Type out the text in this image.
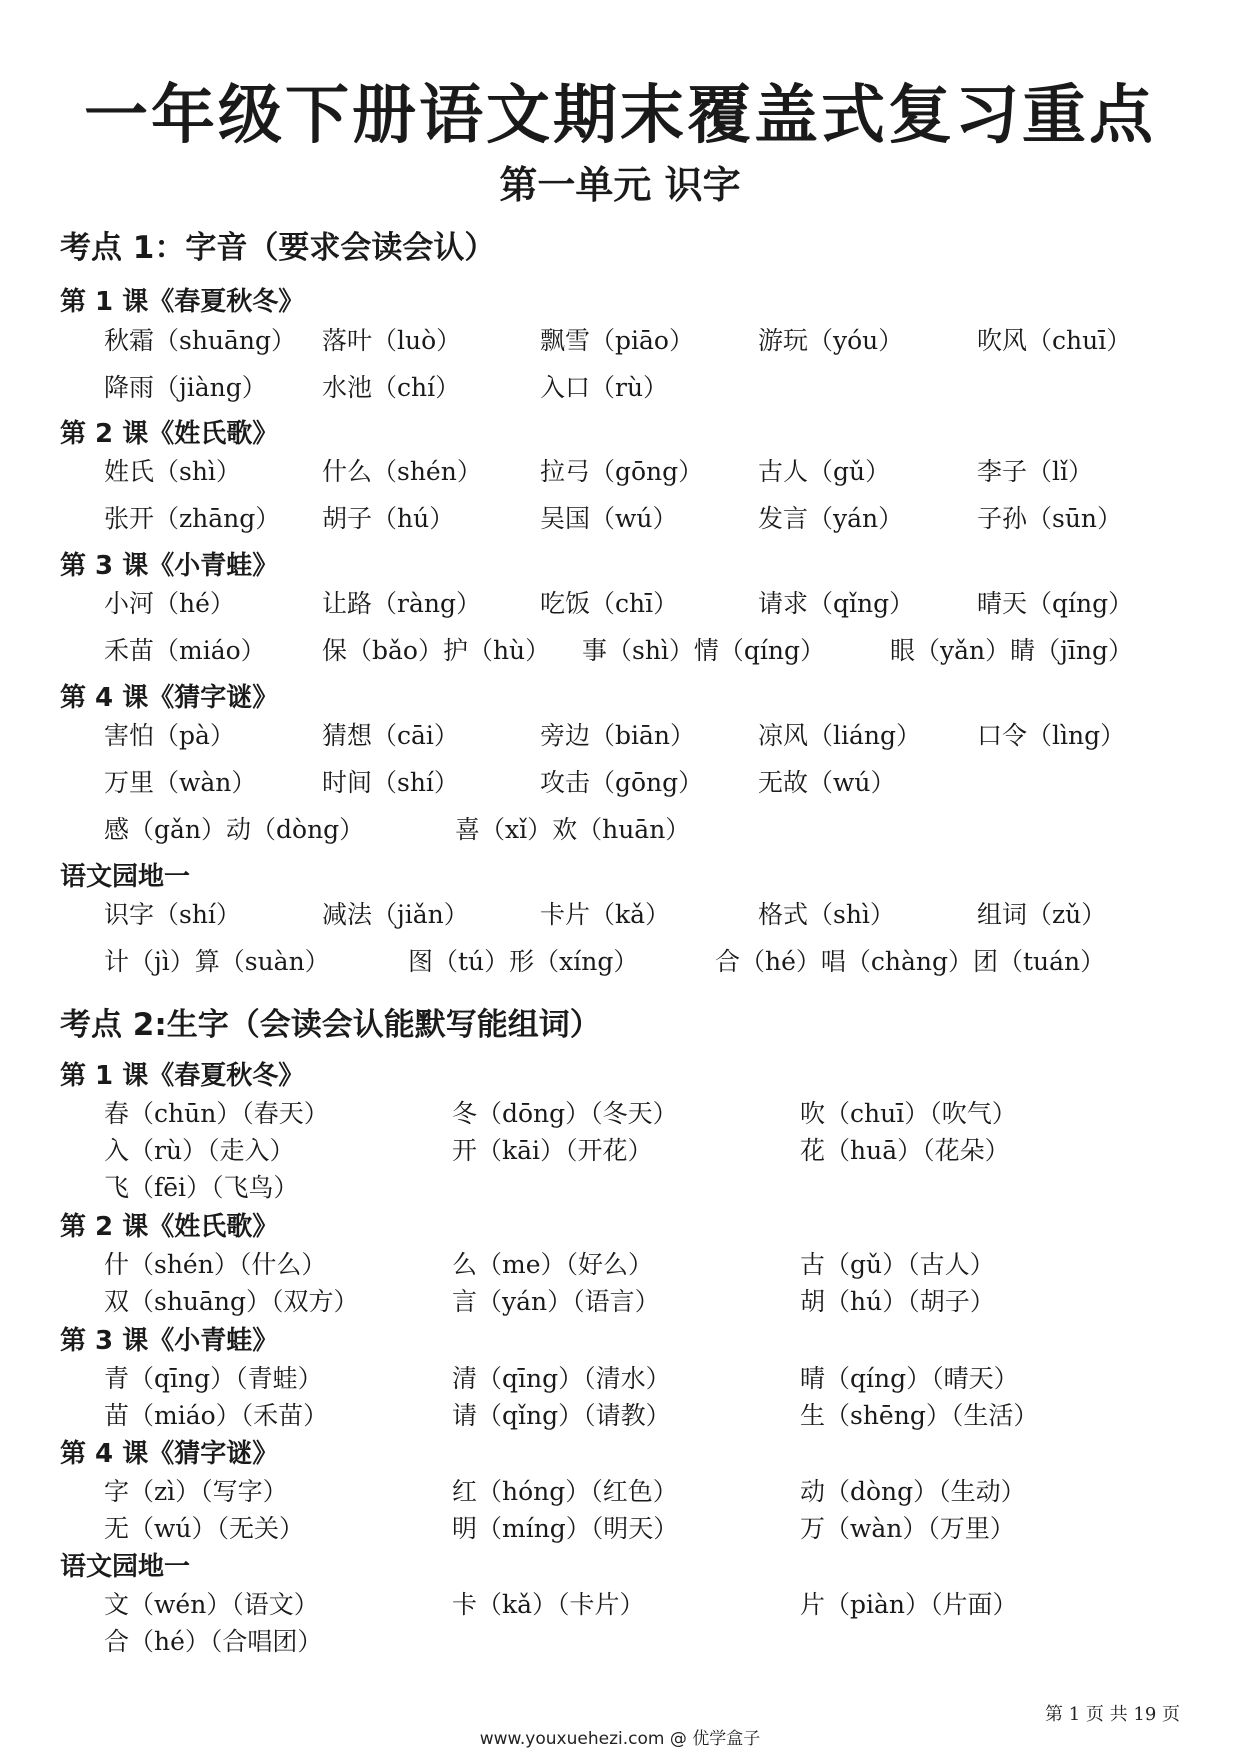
一年级下册语文期末覆盖式复习重点
第一单元 识字
考点 1：字音（要求会读会认）
第 1 课《春夏秋冬》
秋霜（shuāng） 落叶（luò）	飘雪（piāo）	游玩（yóu）	吹风（chuī）
降雨（jiàng） 水池（chí）	入口（rù）
第 2 课《姓氏歌》
姓氏（shì）	什么（shén） 拉弓（gōng） 古人（gǔ）	李子（lǐ）
张开（zhāng） 胡子（hú）	吴国（wú）	发言（yán）	子孙（sūn）
第 3 课《小青蛙》
小河（hé）	让路（ràng） 吃饭（chī）	请求（qǐng）	晴天（qíng）
禾苗（miáo） 保（bǎo）护（hù） 事（shì）情（qíng）	眼（yǎn）睛（jīng）
第 4 课《猜字谜》
害怕（pà）	猜想（cāi）	旁边（biān）	凉风（liáng） 口令（lìng）
万里（wàn）	时间（shí）	攻击（gōng） 无故（wú）
感（gǎn）动（dòng）	喜（xǐ）欢（huān）
语文园地一
识字（shí）	减法（jiǎn）	卡片（kǎ）	格式（shì）	组词（zǔ）
计（jì）算（suàn）	图（tú）形（xíng）	合（hé）唱（chàng）团（tuán）
考点 2:生字（会读会认能默写能组词）
第 1 课《春夏秋冬》
春（chūn）（春天）	冬（dōng）（冬天）	吹（chuī）（吹气）
入（rù）（走入）	开（kāi）（开花）	花（huā）（花朵）
飞（fēi）（飞鸟）
第 2 课《姓氏歌》
什（shén）（什么）	么（me）（好么）	古（gǔ）（古人）
双（shuāng）（双方）	言（yán）（语言）	胡（hú）（胡子）
第 3 课《小青蛙》
青（qīng）（青蛙）	清（qīng）（清水）	晴（qíng）（晴天）
苗（miáo）（禾苗）	请（qǐng）（请教）	生（shēng）（生活）
第 4 课《猜字谜》
字（zì）（写字）	红（hóng）（红色）	动（dòng）（生动）
无（wú）（无关）	明（míng）（明天）	万（wàn）（万里）
语文园地一
文（wén）（语文）	卡（kǎ）（卡片）	片（piàn）（片面）
合（hé）（合唱团）
第 1 页 共 19 页
www.youxuehezi.com @ 优学盒子
